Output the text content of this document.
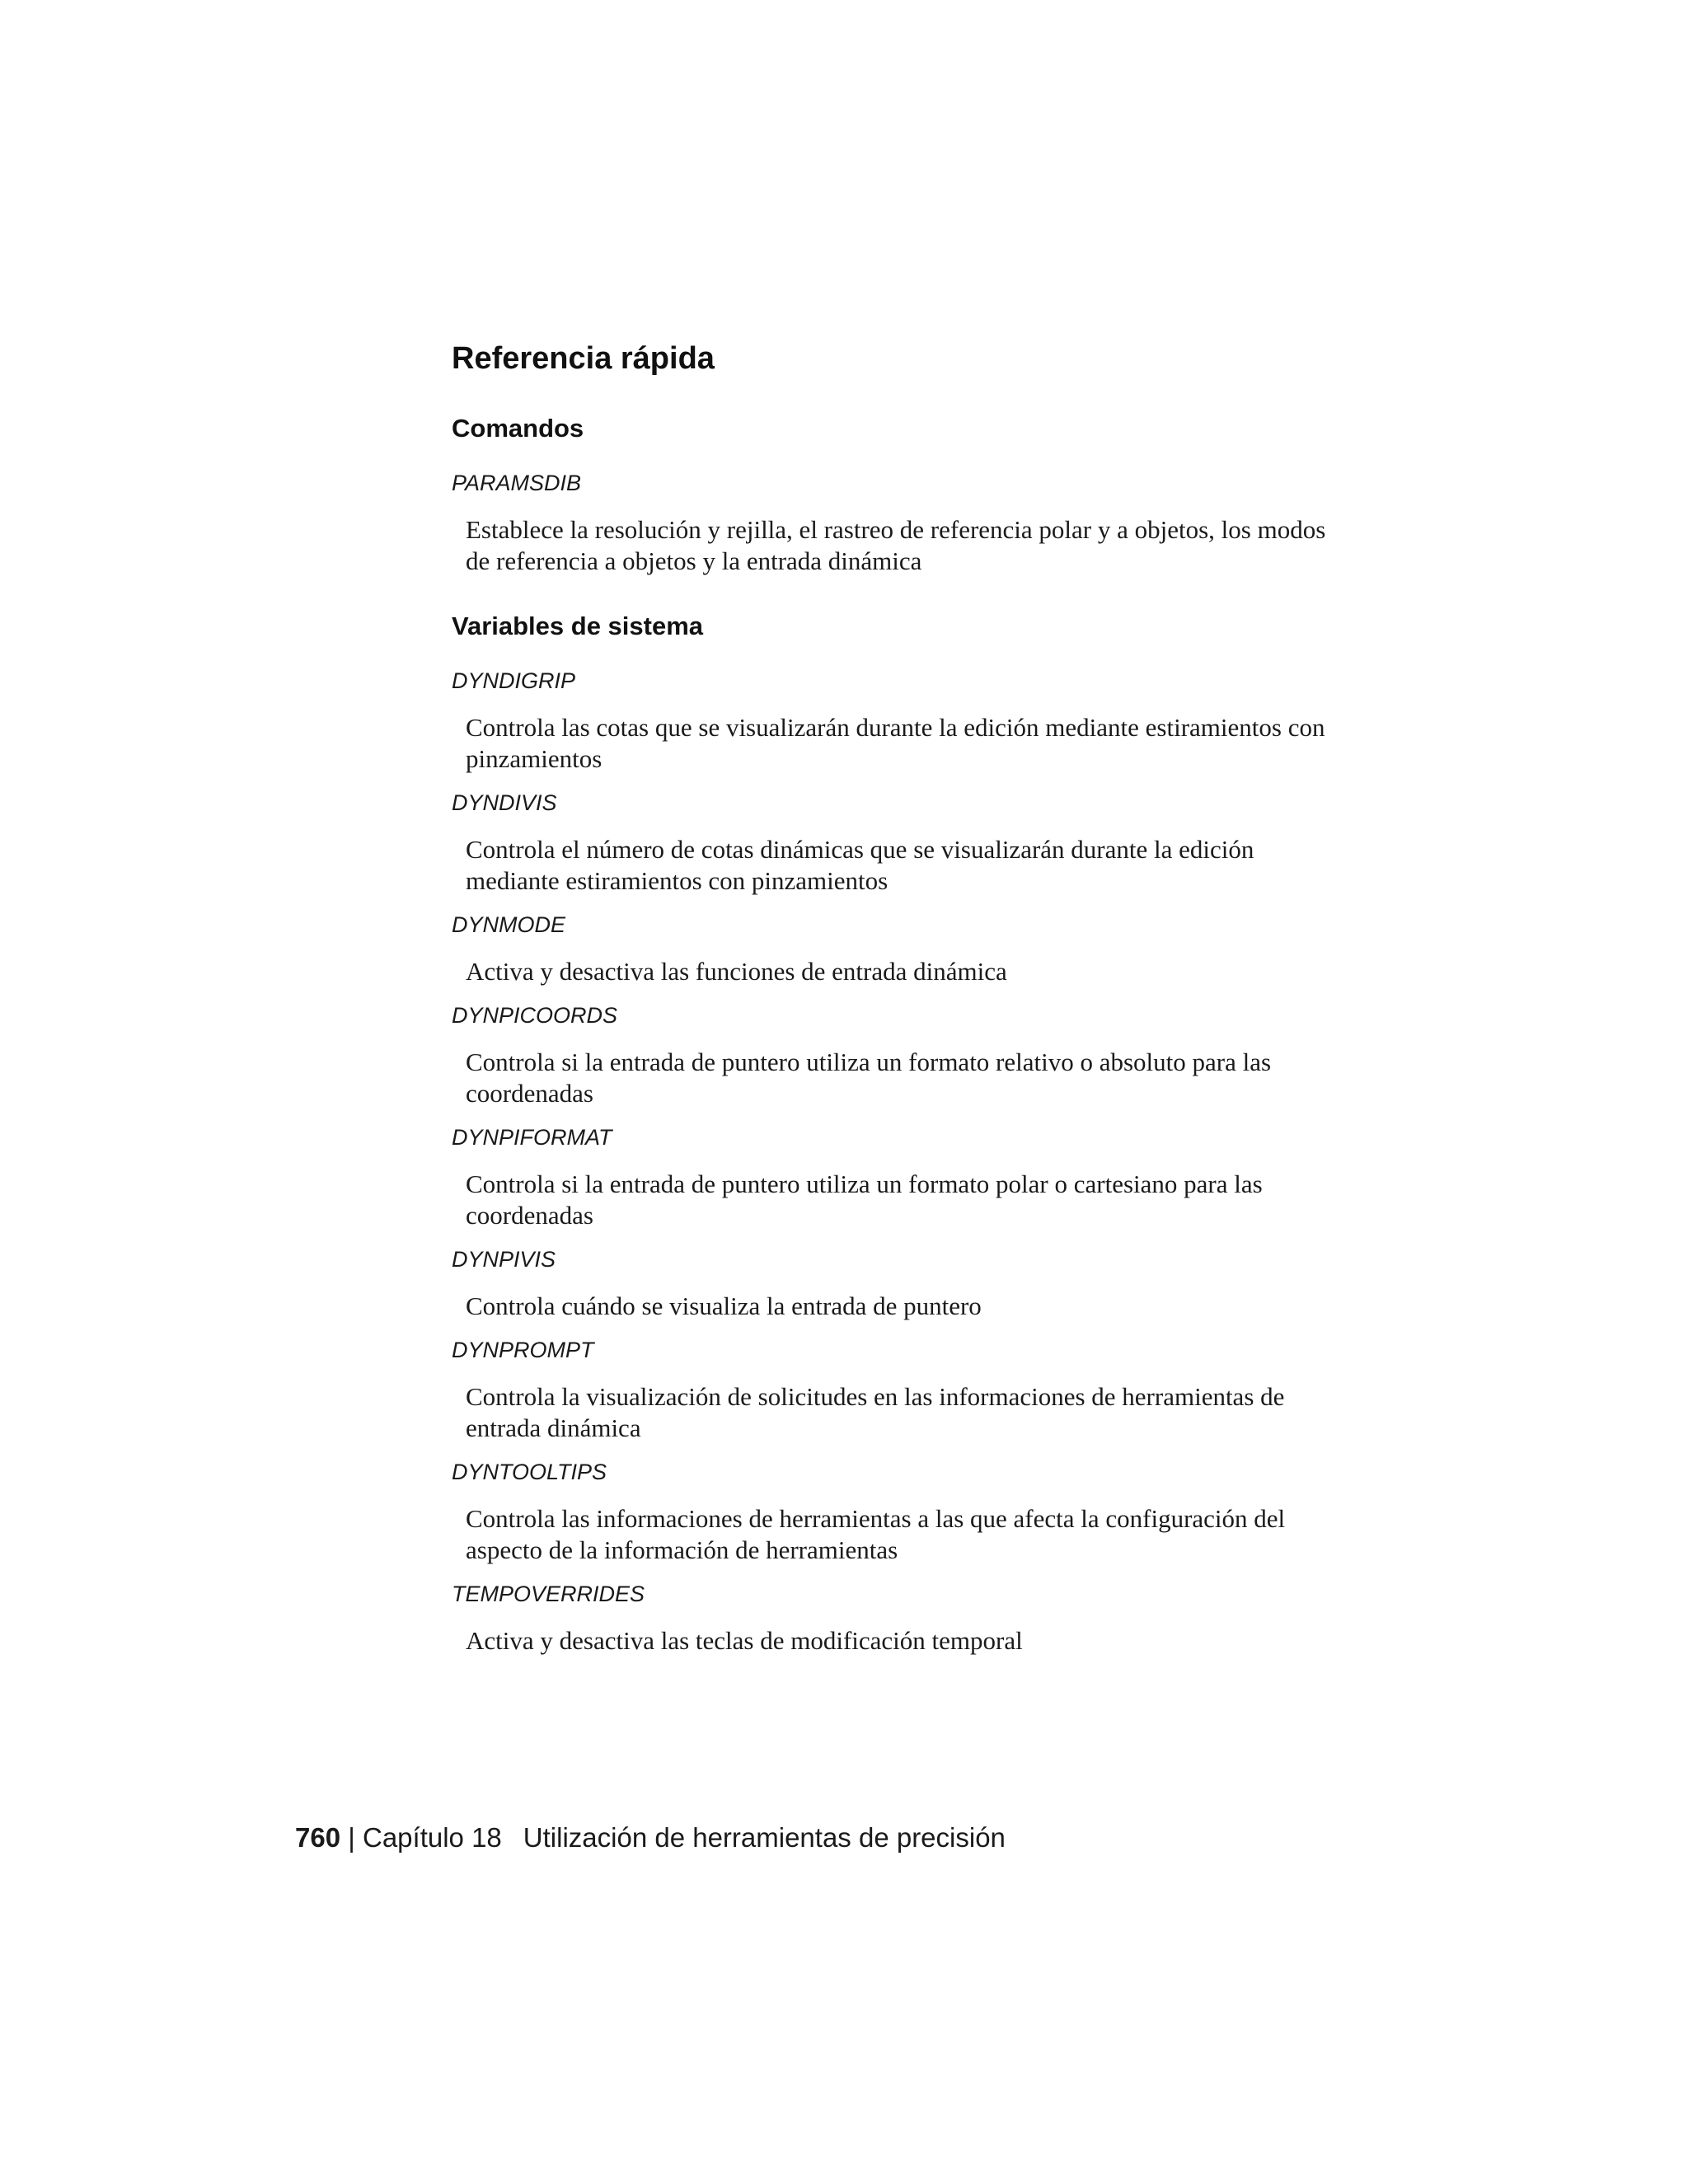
Referencia rápida
Comandos
PARAMSDIB
Establece la resolución y rejilla, el rastreo de referencia polar y a objetos, los modos de referencia a objetos y la entrada dinámica
Variables de sistema
DYNDIGRIP
Controla las cotas que se visualizarán durante la edición mediante estiramientos con pinzamientos
DYNDIVIS
Controla el número de cotas dinámicas que se visualizarán durante la edición mediante estiramientos con pinzamientos
DYNMODE
Activa y desactiva las funciones de entrada dinámica
DYNPICOORDS
Controla si la entrada de puntero utiliza un formato relativo o absoluto para las coordenadas
DYNPIFORMAT
Controla si la entrada de puntero utiliza un formato polar o cartesiano para las coordenadas
DYNPIVIS
Controla cuándo se visualiza la entrada de puntero
DYNPROMPT
Controla la visualización de solicitudes en las informaciones de herramientas de entrada dinámica
DYNTOOLTIPS
Controla las informaciones de herramientas a las que afecta la configuración del aspecto de la información de herramientas
TEMPOVERRIDES
Activa y desactiva las teclas de modificación temporal
760 | Capítulo 18 Utilización de herramientas de precisión
